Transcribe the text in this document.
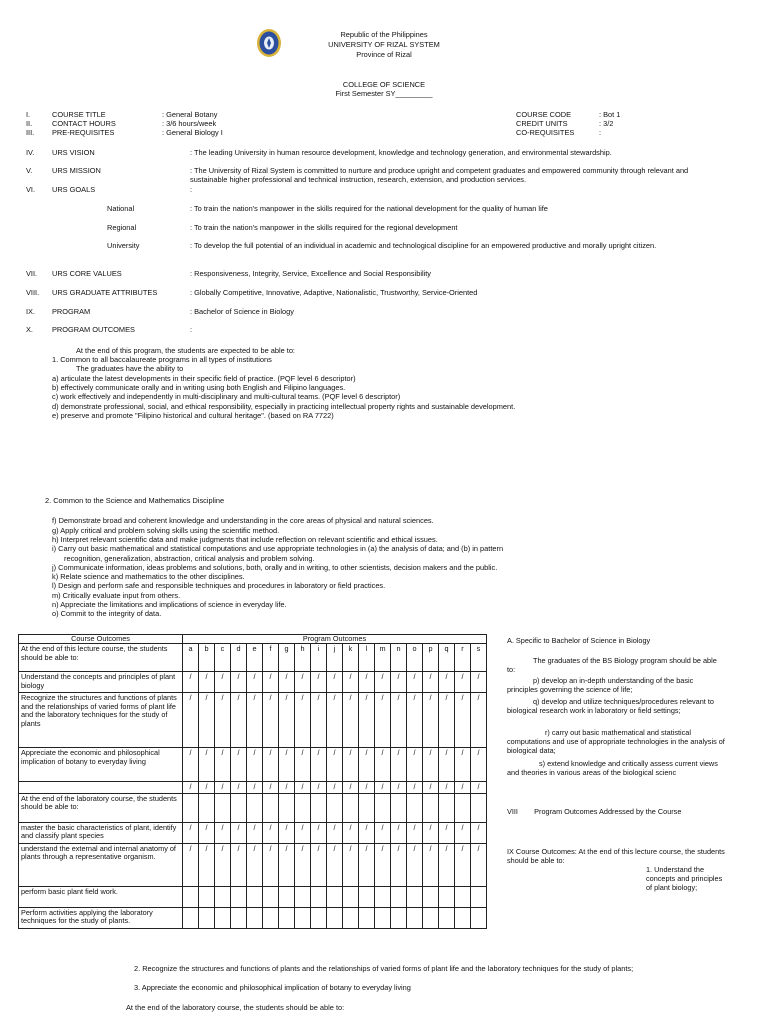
Republic of the Philippines
UNIVERSITY OF RIZAL SYSTEM
Province of Rizal
COLLEGE OF SCIENCE
First Semester SY_________
I.	COURSE TITLE	: General Botany	COURSE CODE	: Bot 1
II.	CONTACT HOURS	: 3/6 hours/week	CREDIT UNITS	: 3/2
III. PRE-REQUISITES	: General Biology I	CO-REQUISITES	:
IV. URS VISION	: The leading University in human resource development, knowledge and technology generation, and environmental stewardship.
V.	URS MISSION	: The University of Rizal System is committed to nurture and produce upright and competent graduates and empowered community through relevant and sustainable higher professional and technical instruction, research, extension, and production services.
VI. URS GOALS	:
National	: To train the nation's manpower in the skills required for the national development for the quality of human life
Regional	: To train the nation's manpower in the skills required for the regional development
University	: To develop the full potential of an individual in academic and technological discipline for an empowered productive and morally upright citizen.
VII. URS CORE VALUES	: Responsiveness, Integrity, Service, Excellence and Social Responsibility
VIII. URS GRADUATE ATTRIBUTES	: Globally Competitive, Innovative, Adaptive, Nationalistic, Trustworthy, Service-Oriented
IX. PROGRAM	: Bachelor of Science in Biology
X.	PROGRAM OUTCOMES	:
At the end of this program, the students are expected to be able to:
1. Common to all baccalaureate programs in all types of institutions
The graduates have the ability to
a) articulate the latest developments in their specific field of practice. (PQF level 6 descriptor)
b) effectively communicate orally and in writing using both English and Filipino languages.
c) work effectively and independently in multi-disciplinary and multi-cultural teams. (PQF level 6 descriptor)
d) demonstrate professional, social, and ethical responsibility, especially in practicing intellectual property rights and sustainable development.
e) preserve and promote "Filipino historical and cultural heritage". (based on RA 7722)
2. Common to the Science and Mathematics Discipline
f) Demonstrate broad and coherent knowledge and understanding in the core areas of physical and natural sciences.
g) Apply critical and problem solving skills using the scientific method.
h) Interpret relevant scientific data and make judgments that include reflection on relevant scientific and ethical issues.
i) Carry out basic mathematical and statistical computations and use appropriate technologies in (a) the analysis of data; and (b) in pattern
recognition, generalization, abstraction, critical analysis and problem solving.
j) Communicate information, ideas problems and solutions, both, orally and in writing, to other scientists, decision makers and the public.
k) Relate science and mathematics to the other disciplines.
l) Design and perform safe and responsible techniques and procedures in laboratory or field practices.
m) Critically evaluate input from others.
n) Appreciate the limitations and implications of science in everyday life.
o) Commit to the integrity of data.
Course Outcomes	Program Outcomes																		
At the end of this lecture course, the students should be able to:	a	b	c	d	e	f	g	h	i	j	k	l	m	n	o	p	q	r	s
Understand the concepts and principles of plant biology	/	/	/	/	/	/	/	/	/	/	/	/	/	/	/	/	/	/	/
Recognize the structures and functions of plants and the relationships of varied forms of plant life and the laboratory techniques for the study of plants	/	/	/	/	/	/	/	/	/	/	/	/	/	/	/	/	/	/	/
Appreciate the economic and philosophical implication of botany to everyday living	/	/	/	/	/	/	/	/	/	/	/	/	/	/	/	/	/	/	/
	/	/	/	/	/	/	/	/	/	/	/	/	/	/	/	/	/	/	/
At the end of the laboratory course, the students should be able to:																			
master the basic characteristics of plant, identify and classify plant species	/	/	/	/	/	/	/	/	/	/	/	/	/	/	/	/	/	/	/
understand the external and internal anatomy of plants through a representative organism.	/	/	/	/	/	/	/	/	/	/	/	/	/	/	/	/	/	/	/
perform basic plant field work.																			
Perform activities applying the laboratory techniques for the study of plants.																			
A. Specific to Bachelor of Science in Biology
The graduates of the BS Biology program should be able to:
p) develop an in-depth understanding of the basic principles governing the science of life;
q) develop and utilize techniques/procedures relevant to biological research work in laboratory or field settings;
r) carry out basic mathematical and statistical computations and use of appropriate technologies in the analysis of biological data;
s) extend knowledge and critically assess current views and theories in various areas of the biological scienc
VIII        Program Outcomes Addressed by the Course
IX Course Outcomes: At the end of this lecture course, the students should be able to:
1. Understand the concepts and principles of plant biology;
2. Recognize the structures and functions of plants and the relationships of varied forms of plant life and the laboratory techniques for the study of plants;
3. Appreciate the economic and philosophical implication of botany to everyday living
At the end of the laboratory course, the students should be able to:
